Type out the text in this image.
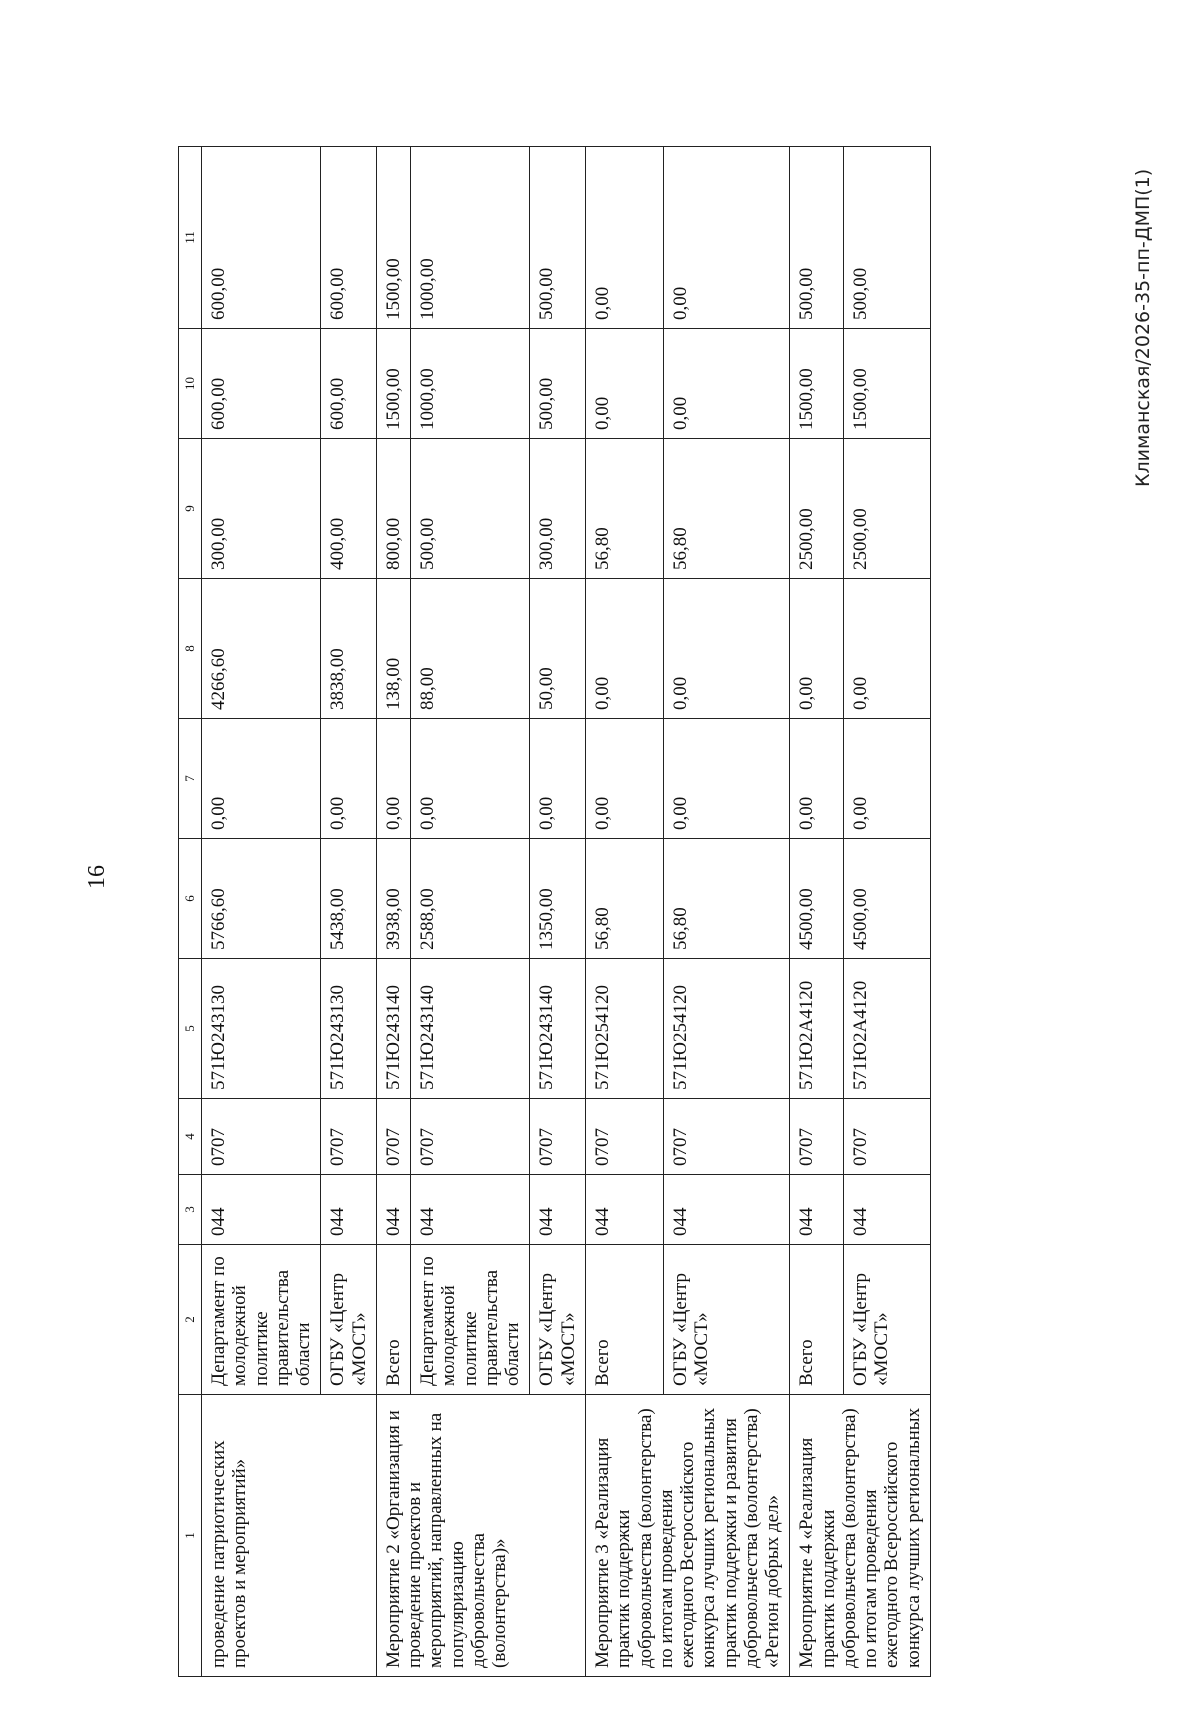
16
1	2	3	4	5	6	7	8	9	10	11
проведение патриотических проектов и мероприятий»	Департамент по молодежной политике правительства области	044	0707	571Ю243130	5766,60	0,00	4266,60	300,00	600,00	600,00
	ОГБУ «Центр «МОСТ»	044	0707	571Ю243130	5438,00	0,00	3838,00	400,00	600,00	600,00
Мероприятие 2 «Организация и проведение проектов и мероприятий, направленных на популяризацию добровольчества (волонтерства)»	Всего	044	0707	571Ю243140	3938,00	0,00	138,00	800,00	1500,00	1500,00
	Департамент по молодежной политике правительства области	044	0707	571Ю243140	2588,00	0,00	88,00	500,00	1000,00	1000,00
	ОГБУ «Центр «МОСТ»	044	0707	571Ю243140	1350,00	0,00	50,00	300,00	500,00	500,00
Мероприятие 3 «Реализация практик поддержки добровольчества (волонтерства) по итогам проведения ежегодного Всероссийского конкурса лучших региональных практик поддержки и развития добровольчества (волонтерства) «Регион добрых дел»	Всего	044	0707	571Ю254120	56,80	0,00	0,00	56,80	0,00	0,00
	ОГБУ «Центр «МОСТ»	044	0707	571Ю254120	56,80	0,00	0,00	56,80	0,00	0,00
Мероприятие 4 «Реализация практик поддержки добровольчества (волонтерства) по итогам проведения ежегодного Всероссийского конкурса лучших региональных	Всего	044	0707	571Ю2А4120	4500,00	0,00	0,00	2500,00	1500,00	500,00
	ОГБУ «Центр «МОСТ»	044	0707	571Ю2А4120	4500,00	0,00	0,00	2500,00	1500,00	500,00	Климанская/2026-35-пп-ДМП(1)
